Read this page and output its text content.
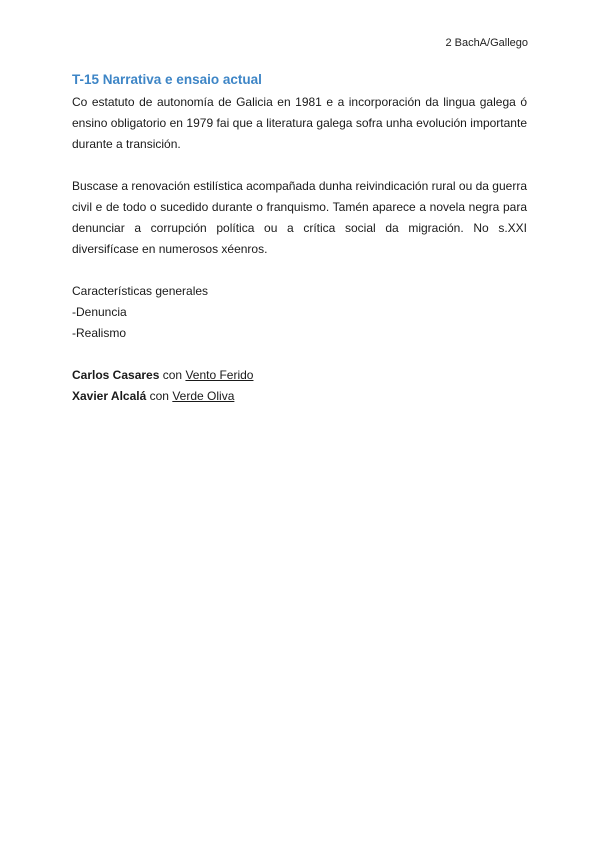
2 BachA/Gallego
T-15 Narrativa e ensaio actual

Co estatuto de autonomía de Galicia en 1981 e a incorporación da lingua galega ó ensino obligatorio en 1979 fai que a literatura galega sofra unha evolución importante durante a transición.

Buscase a renovación estilística acompañada dunha reivindicación rural ou da guerra civil e de todo o sucedido durante o franquismo. Tamén aparece a novela negra para denunciar a corrupción política ou a crítica social da migración. No s.XXI diversifícase en numerosos xéenros.

Características generales

-Denuncia

-Realismo

Carlos Casares con Vento Ferido

Xavier Alcalá con Verde Oliva
